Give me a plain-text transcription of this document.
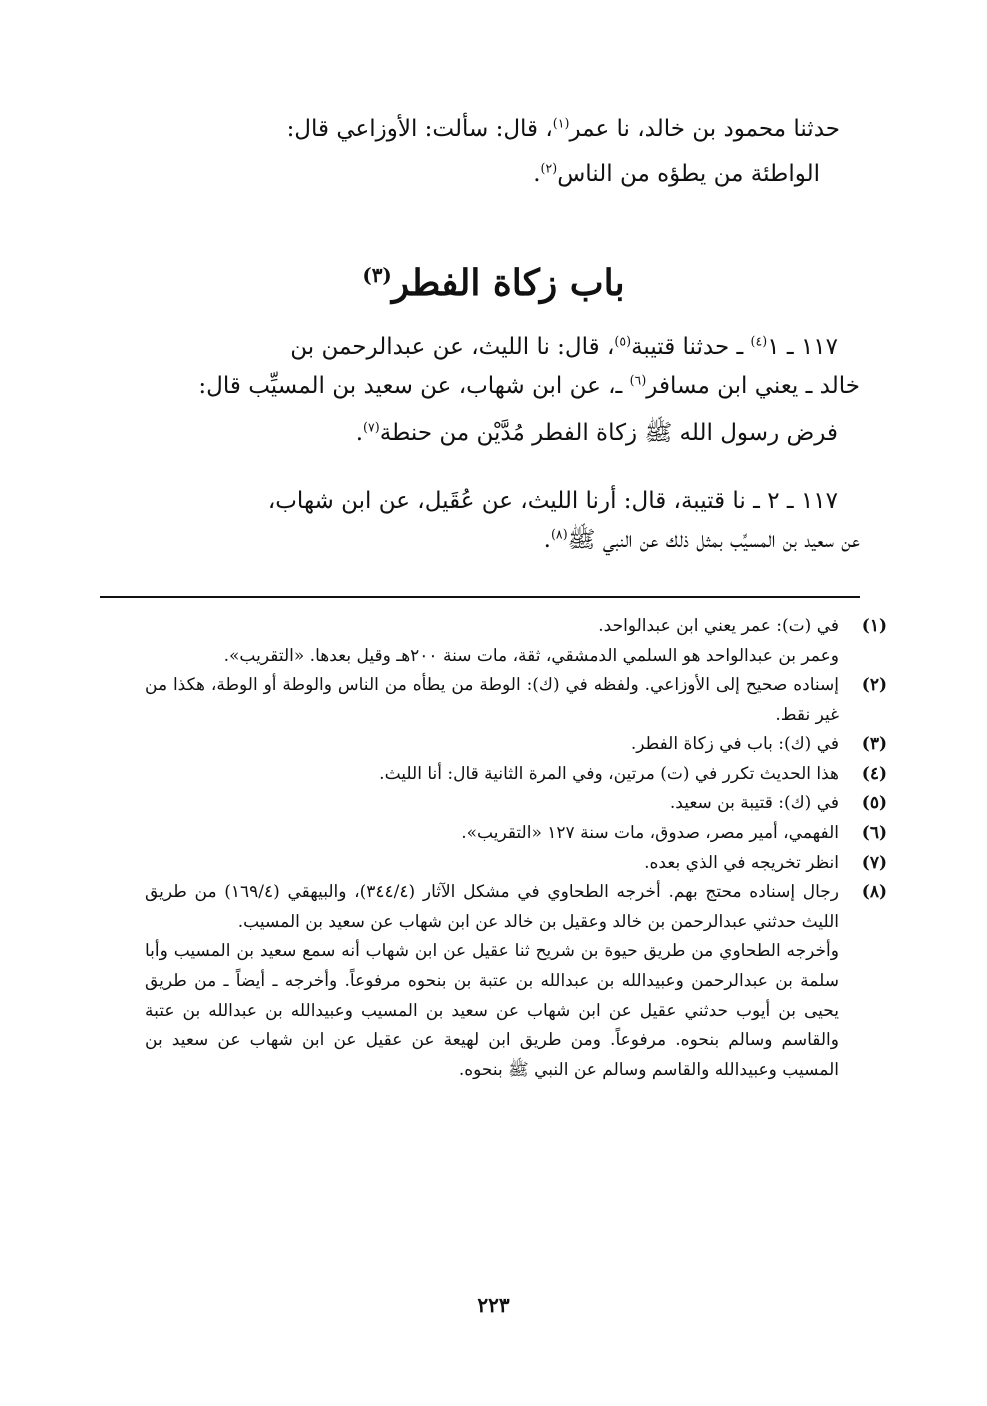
حدثنا محمود بن خالد، نا عمر$^{(١)}$، قال: سألت: الأوزاعي قال:

الواطئة من يطؤه من الناس$^{(٢)}$.

باب زكاة الفطر$^{(٣)}$

١١٧ ـ ١$^{(٤)}$ ـ حدثنا قتيبة$^{(٥)}$، قال: نا الليث، عن عبدالرحمن بن

خالد ـ يعني ابن مسافر$^{(٦)}$ ـ، عن ابن شهاب، عن سعيد بن المسيِّب قال:

فرض رسول الله ﷺ زكاة الفطر مُدَّيْن من حنطة$^{(٧)}$.

١١٧ ـ ٢ ـ نا قتيبة، قال: أرنا الليث، عن عُقَيل، عن ابن شهاب،

عن سعيد بن المسيِّب بمثل ذلك عن النبي ﷺ$^{(٨)}$.

(١)

في (ت): عمر يعني ابن عبدالواحد.

وعمر بن عبدالواحد هو السلمي الدمشقي، ثقة، مات سنة ٢٠٠هـ وقيل بعدها. «التقريب».

(٢)

إسناده صحيح إلى الأوزاعي. ولفظه في (ك): الوطة من يطأه من الناس والوطة أو الوطة، هكذا من غير نقط.

(٣)

في (ك): باب في زكاة الفطر.

(٤)

هذا الحديث تكرر في (ت) مرتين، وفي المرة الثانية قال: أنا الليث.

(٥)

في (ك): قتيبة بن سعيد.

(٦)

الفهمي، أمير مصر، صدوق، مات سنة ١٢٧ «التقريب».

(٧)

انظر تخريجه في الذي بعده.

(٨)

رجال إسناده محتج بهم. أخرجه الطحاوي في مشكل الآثار (٣٤٤/٤)، والبيهقي (١٦٩/٤) من طريق الليث حدثني عبدالرحمن بن خالد وعقيل بن خالد عن ابن شهاب عن سعيد بن المسيب.

وأخرجه الطحاوي من طريق حيوة بن شريح ثنا عقيل عن ابن شهاب أنه سمع سعيد بن المسيب وأبا سلمة بن عبدالرحمن وعبيدالله بن عبدالله بن عتبة بن بنحوه مرفوعاً. وأخرجه ـ أيضاً ـ من طريق يحيى بن أيوب حدثني عقيل عن ابن شهاب عن سعيد بن المسيب وعبيدالله بن عبدالله بن عتبة والقاسم وسالم بنحوه. مرفوعاً. ومن طريق ابن لهيعة عن عقيل عن ابن شهاب عن سعيد بن المسيب وعبيدالله والقاسم وسالم عن النبي ﷺ بنحوه.

٢٢٣
